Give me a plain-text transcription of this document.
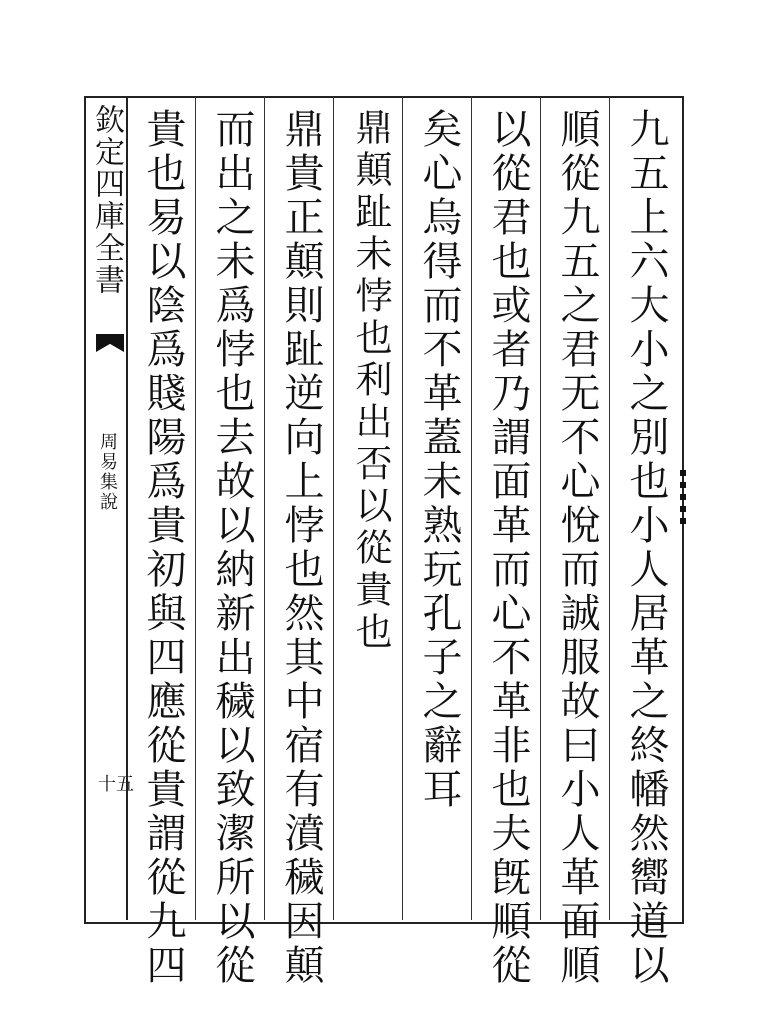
欽定四庫全書
周易集說
十五	九五上六大小之別也小人居革之終幡然嚮道以
順從九五之君无不心悅而誠服故曰小人革面順
以從君也或者乃謂面革而心不革非也夫旣順從
矣心烏得而不革蓋未熟玩孔子之辭耳
鼎顛趾未悖也利出否以從貴也
鼎貴正顛則趾逆向上悖也然其中宿有濆穢因顛
而出之未爲悖也去故以納新出穢以致潔所以從
貴也易以陰爲賤陽爲貴初與四應從貴謂從九四
